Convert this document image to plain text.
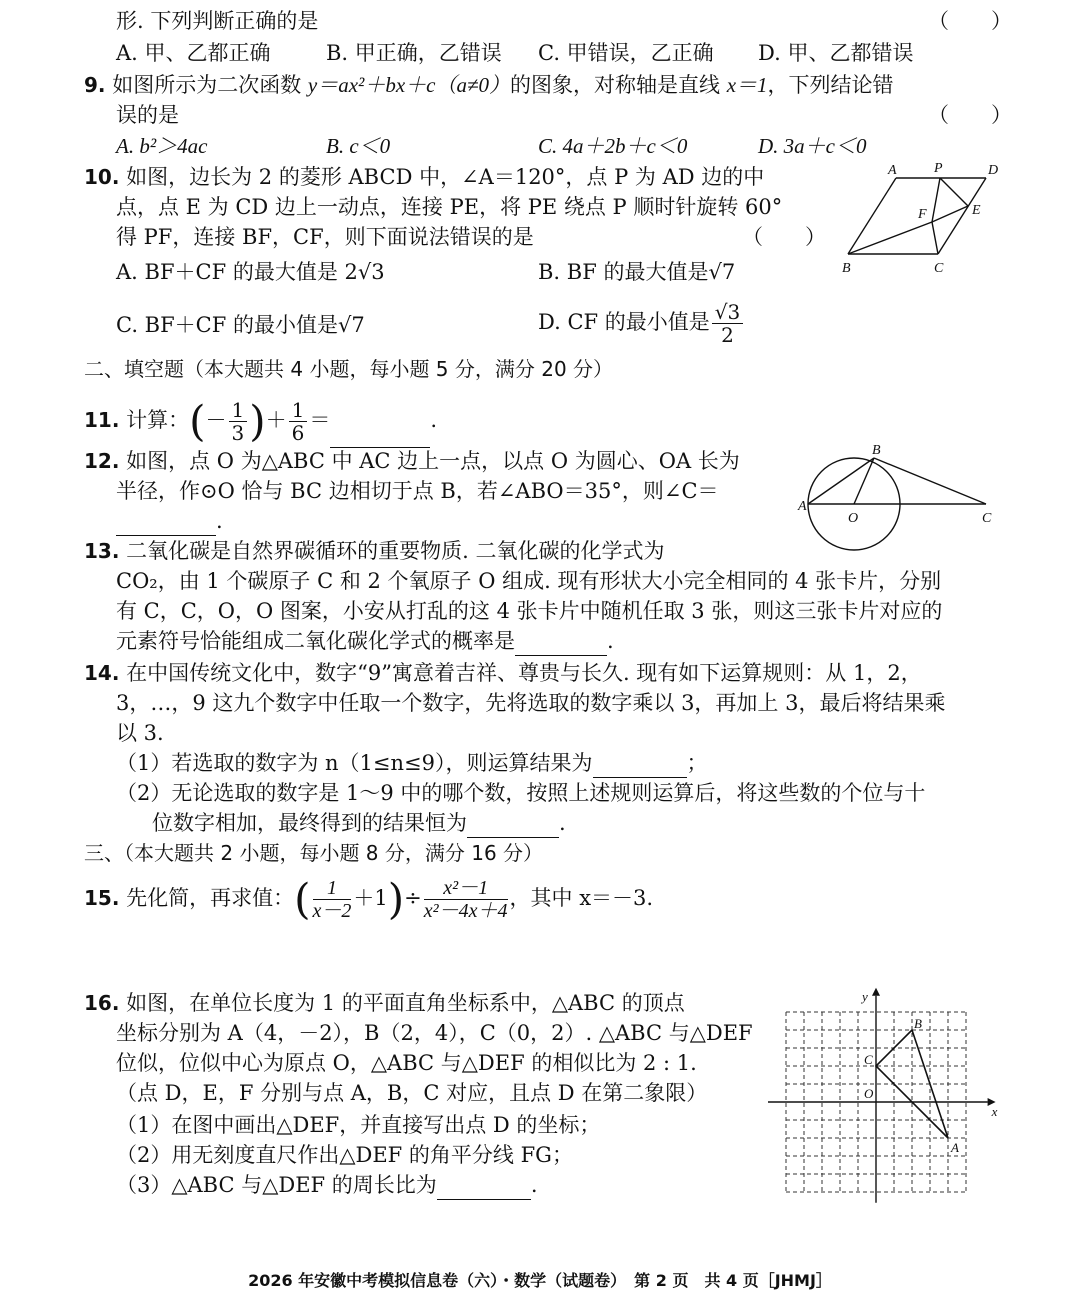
形. 下列判断正确的是	（　　）
A. 甲、乙都正确	B. 甲正确，乙错误 C. 甲错误，乙正确 D. 甲、乙都错误
9. 如图所示为二次函数 y＝ax²＋bx＋c（a≠0）的图象，对称轴是直线 x＝1，下列结论错
误的是	（　　）
A. b²＞4ac	B. c＜0	C. 4a＋2b＋c＜0	D. 3a＋c＜0
10. 如图，边长为 2 的菱形 ABCD 中，∠A＝120°，点 P 为 AD 边的中
点，点 E 为 CD 边上一动点，连接 PE，将 PE 绕点 P 顺时针旋转 60°
得 PF，连接 BF，CF，则下面说法错误的是	（　　）
A. BF＋CF 的最大值是 2√3	B. BF 的最大值是√7
C. BF＋CF 的最小值是√7	D. CF 的最小值是 $\frac{√3}{2}$
A	P	D
F	E
B	C
二、填空题（本大题共 4 小题，每小题 5 分，满分 20 分）
11. 计算：(－ $\frac{1}{3}$ )＋ $\frac{1}{6}$ ＝	.
12. 如图，点 O 为△ABC 中 AC 边上一点，以点 O 为圆心、OA 长为
半径，作⊙O 恰与 BC 边相切于点 B，若∠ABO＝35°，则∠C＝
.
A
B
O	C
13. 二氧化碳是自然界碳循环的重要物质. 二氧化碳的化学式为
CO₂，由 1 个碳原子 C 和 2 个氧原子 O 组成. 现有形状大小完全相同的 4 张卡片，分别
有 C，C，O，O 图案，小安从打乱的这 4 张卡片中随机任取 3 张，则这三张卡片对应的
元素符号恰能组成二氧化碳化学式的概率是	.
14. 在中国传统文化中，数字“9”寓意着吉祥、尊贵与长久. 现有如下运算规则：从 1，2，
3，…，9 这九个数字中任取一个数字，先将选取的数字乘以 3，再加上 3，最后将结果乘
以 3.
（1）若选取的数字为 n（1≤n≤9），则运算结果为	；
（2）无论选取的数字是 1～9 中的哪个数，按照上述规则运算后，将这些数的个位与十
位数字相加，最终得到的结果恒为	.
三、（本大题共 2 小题，每小题 8 分，满分 16 分）
15. 先化简，再求值：( $\frac{1}{x-2} +1)\div \frac{\text{x²－1}}{\text{x²－4x＋4}}$ ，其中 x＝－3.
16. 如图，在单位长度为 1 的平面直角坐标系中，△ABC 的顶点
坐标分别为 A（4，－2），B（2，4），C（0，2）. △ABC 与△DEF
位似，位似中心为原点 O，△ABC 与△DEF 的相似比为 2 : 1.
（点 D，E，F 分别与点 A，B，C 对应，且点 D 在第二象限）
（1）在图中画出△DEF，并直接写出点 D 的坐标；
（2）用无刻度直尺作出△DEF 的角平分线 FG；
（3）△ABC 与△DEF 的周长比为	.
y
x
O
A
B
C
2026 年安徽中考模拟信息卷（六）・数学（试题卷）　第 2 页　共 4 页［JHMJ］
